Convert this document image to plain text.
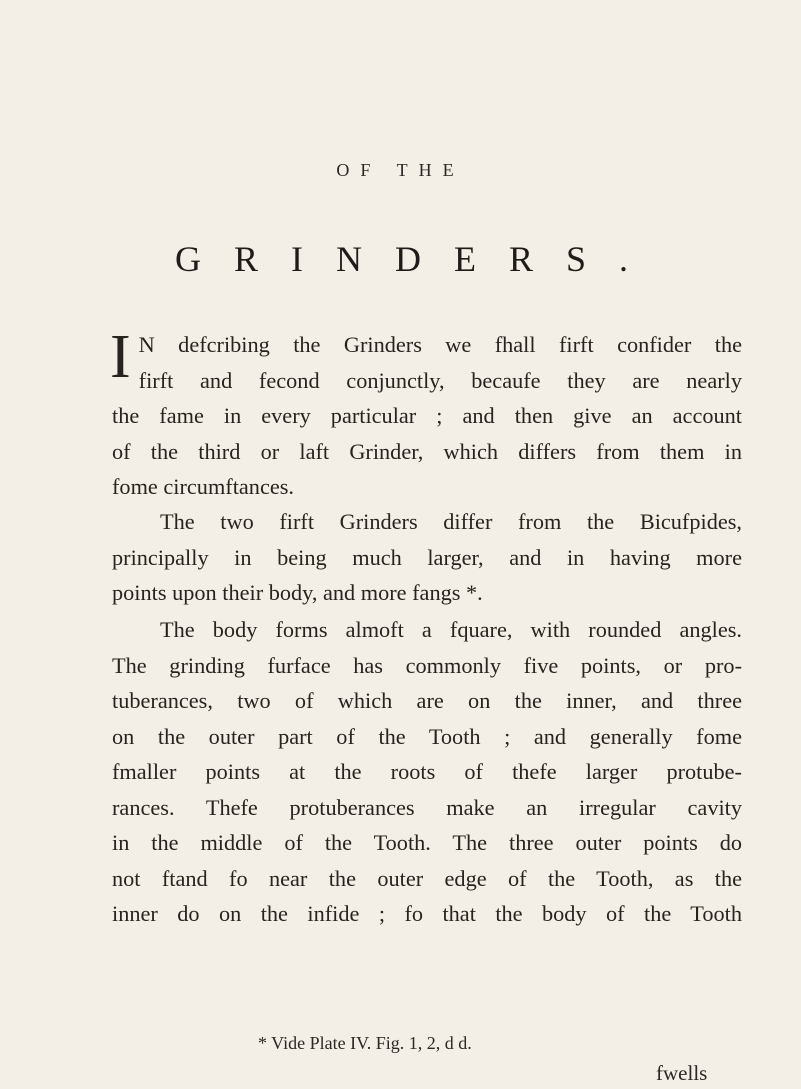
OF THE
GRINDERS.
I N defcribing the Grinders we fhall firft confider the
firft and fecond conjunctly, becaufe they are nearly
the fame in every particular ; and then give an account
of the third or laft Grinder, which differs from them in
fome circumftances.
The two firft Grinders differ from the Bicufpides,
principally in being much larger, and in having more
points upon their body, and more fangs *.
The body forms almoft a fquare, with rounded angles.
The grinding furface has commonly five points, or pro-
tuberances, two of which are on the inner, and three
on the outer part of the Tooth ; and generally fome
fmaller points at the roots of thefe larger protube-
rances. Thefe protuberances make an irregular cavity
in the middle of the Tooth. The three outer points do
not ftand fo near the outer edge of the Tooth, as the
inner do on the infide ; fo that the body of the Tooth
* Vide Plate IV. Fig. 1, 2, d d.
fwells
